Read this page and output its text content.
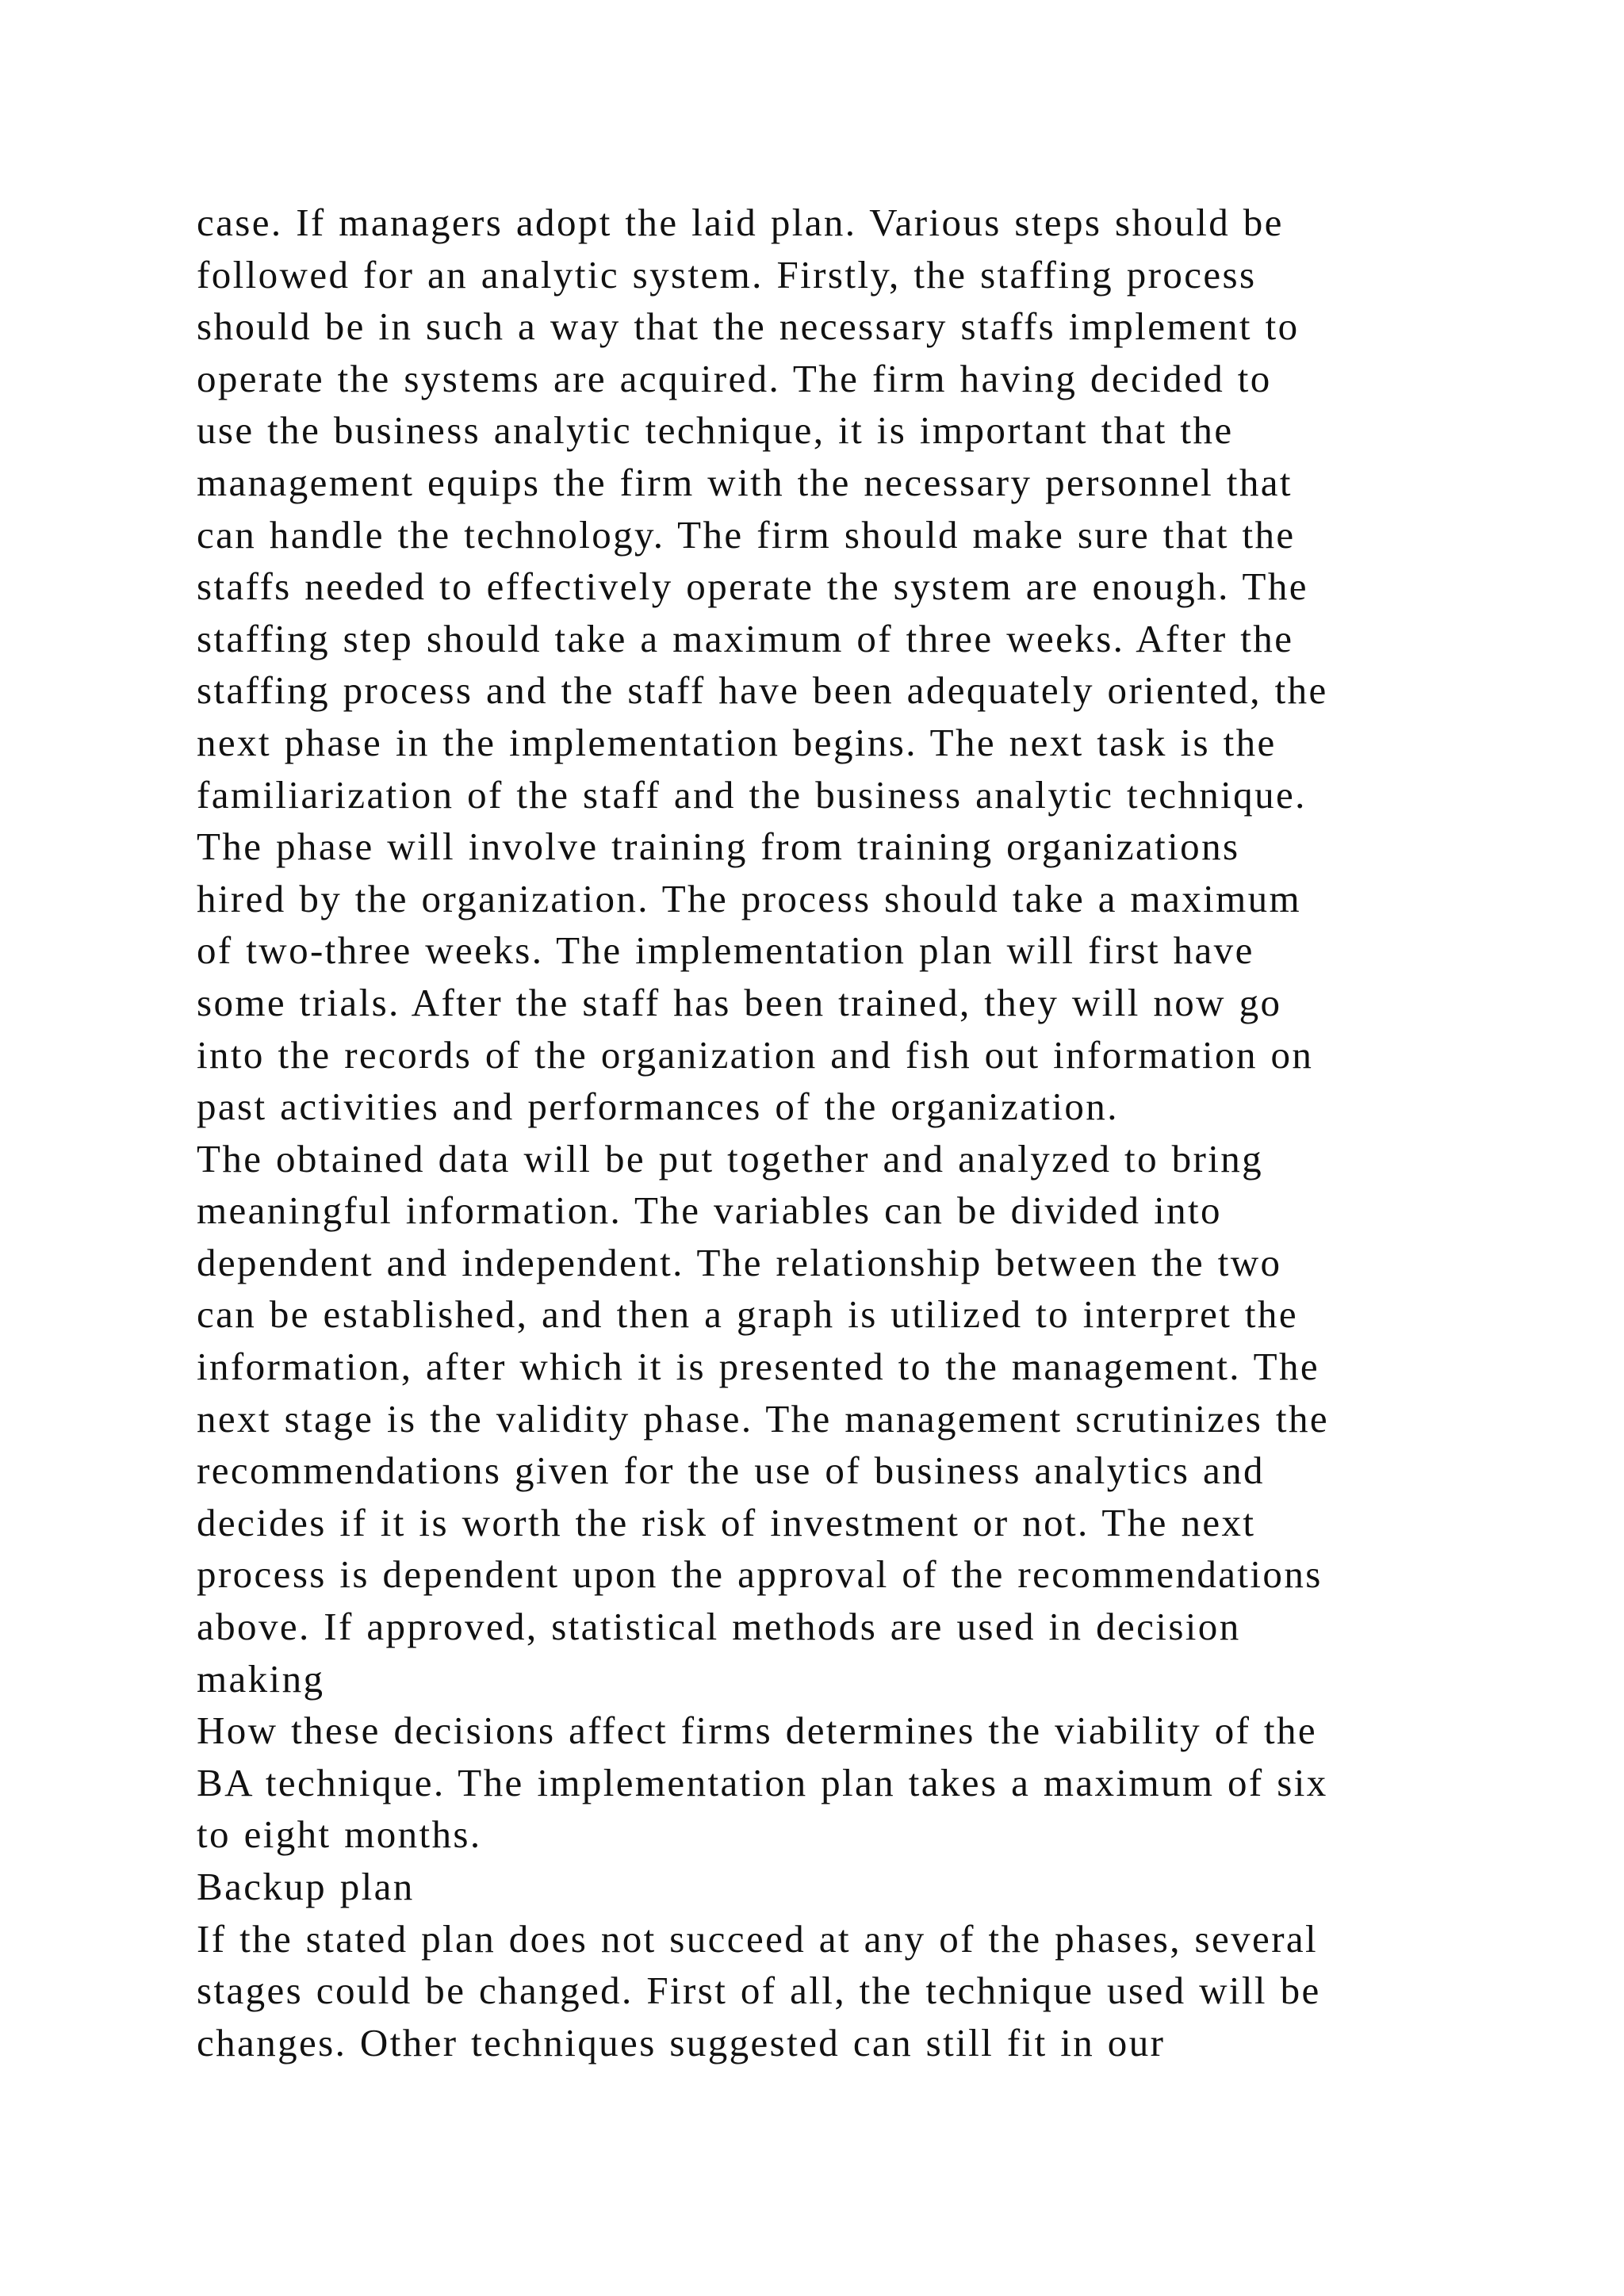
case. If managers adopt the laid plan. Various steps should be
followed for an analytic system. Firstly, the staffing process
should be in such a way that the necessary staffs implement to
operate the systems are acquired. The firm having decided to
use the business analytic technique, it is important that the
management equips the firm with the necessary personnel that
can handle the technology. The firm should make sure that the
staffs needed to effectively operate the system are enough. The
staffing step should take a maximum of three weeks. After the
staffing process and the staff have been adequately oriented, the
next phase in the implementation begins. The next task is the
familiarization of the staff and the business analytic technique.
The phase will involve training from training organizations
hired by the organization. The process should take a maximum
of two-three weeks. The implementation plan will first have
some trials. After the staff has been trained, they will now go
into the records of the organization and fish out information on
past activities and performances of the organization.
The obtained data will be put together and analyzed to bring
meaningful information. The variables can be divided into
dependent and independent. The relationship between the two
can be established, and then a graph is utilized to interpret the
information, after which it is presented to the management. The
next stage is the validity phase. The management scrutinizes the
recommendations given for the use of business analytics and
decides if it is worth the risk of investment or not. The next
process is dependent upon the approval of the recommendations
above. If approved, statistical methods are used in decision
making
How these decisions affect firms determines the viability of the
BA technique. The implementation plan takes a maximum of six
to eight months.
Backup plan
If the stated plan does not succeed at any of the phases, several
stages could be changed. First of all, the technique used will be
changes. Other techniques suggested can still fit in our
